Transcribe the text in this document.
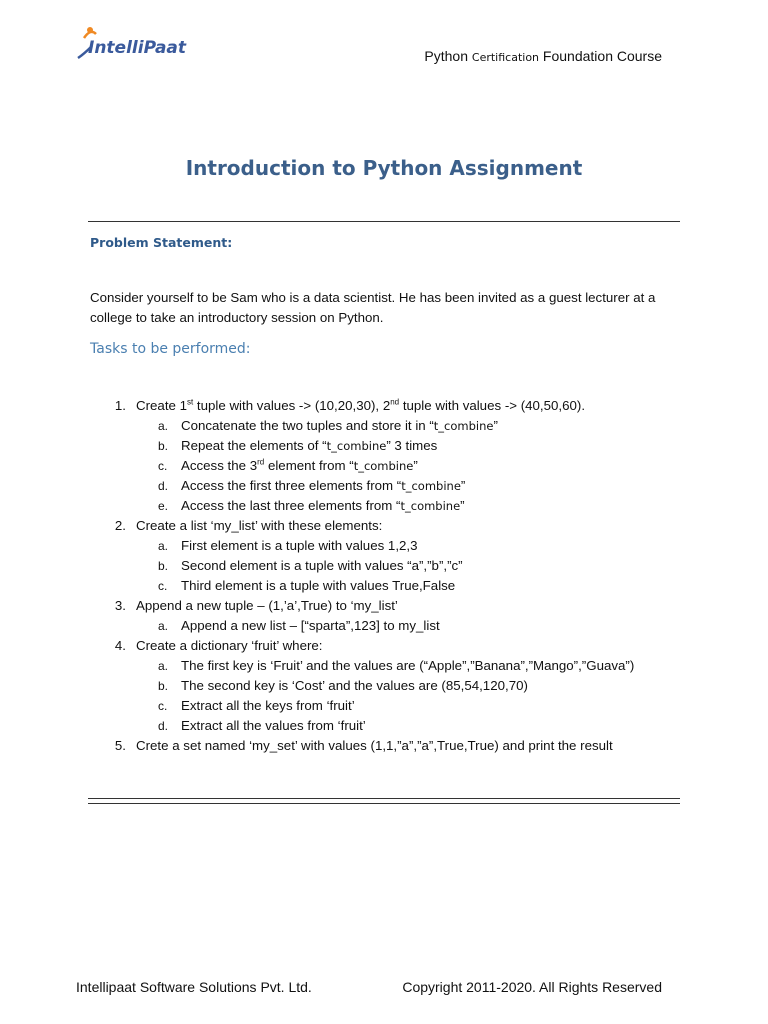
IntelliPaat	Python Certification Foundation Course
Introduction to Python Assignment
Problem Statement:
Consider yourself to be Sam who is a data scientist. He has been invited as a guest lecturer at a college to take an introductory session on Python.
Tasks to be performed:
1. Create 1st tuple with values -> (10,20,30), 2nd tuple with values -> (40,50,60).
a. Concatenate the two tuples and store it in “t_combine”
b. Repeat the elements of “t_combine” 3 times
c. Access the 3rd element from “t_combine”
d. Access the first three elements from “t_combine”
e. Access the last three elements from “t_combine”
2. Create a list ‘my_list’ with these elements:
a. First element is a tuple with values 1,2,3
b. Second element is a tuple with values “a”,”b”,”c”
c. Third element is a tuple with values True,False
3. Append a new tuple – (1,’a’,True) to ‘my_list’
a. Append a new list – [“sparta”,123] to my_list
4. Create a dictionary ‘fruit’ where:
a. The first key is ‘Fruit’ and the values are (“Apple”,”Banana”,”Mango”,”Guava”)
b. The second key is ‘Cost’ and the values are (85,54,120,70)
c. Extract all the keys from ‘fruit’
d. Extract all the values from ‘fruit’
5. Crete a set named ‘my_set’ with values (1,1,”a”,”a”,True,True) and print the result
Intellipaat Software Solutions Pvt. Ltd.	Copyright 2011-2020. All Rights Reserved
